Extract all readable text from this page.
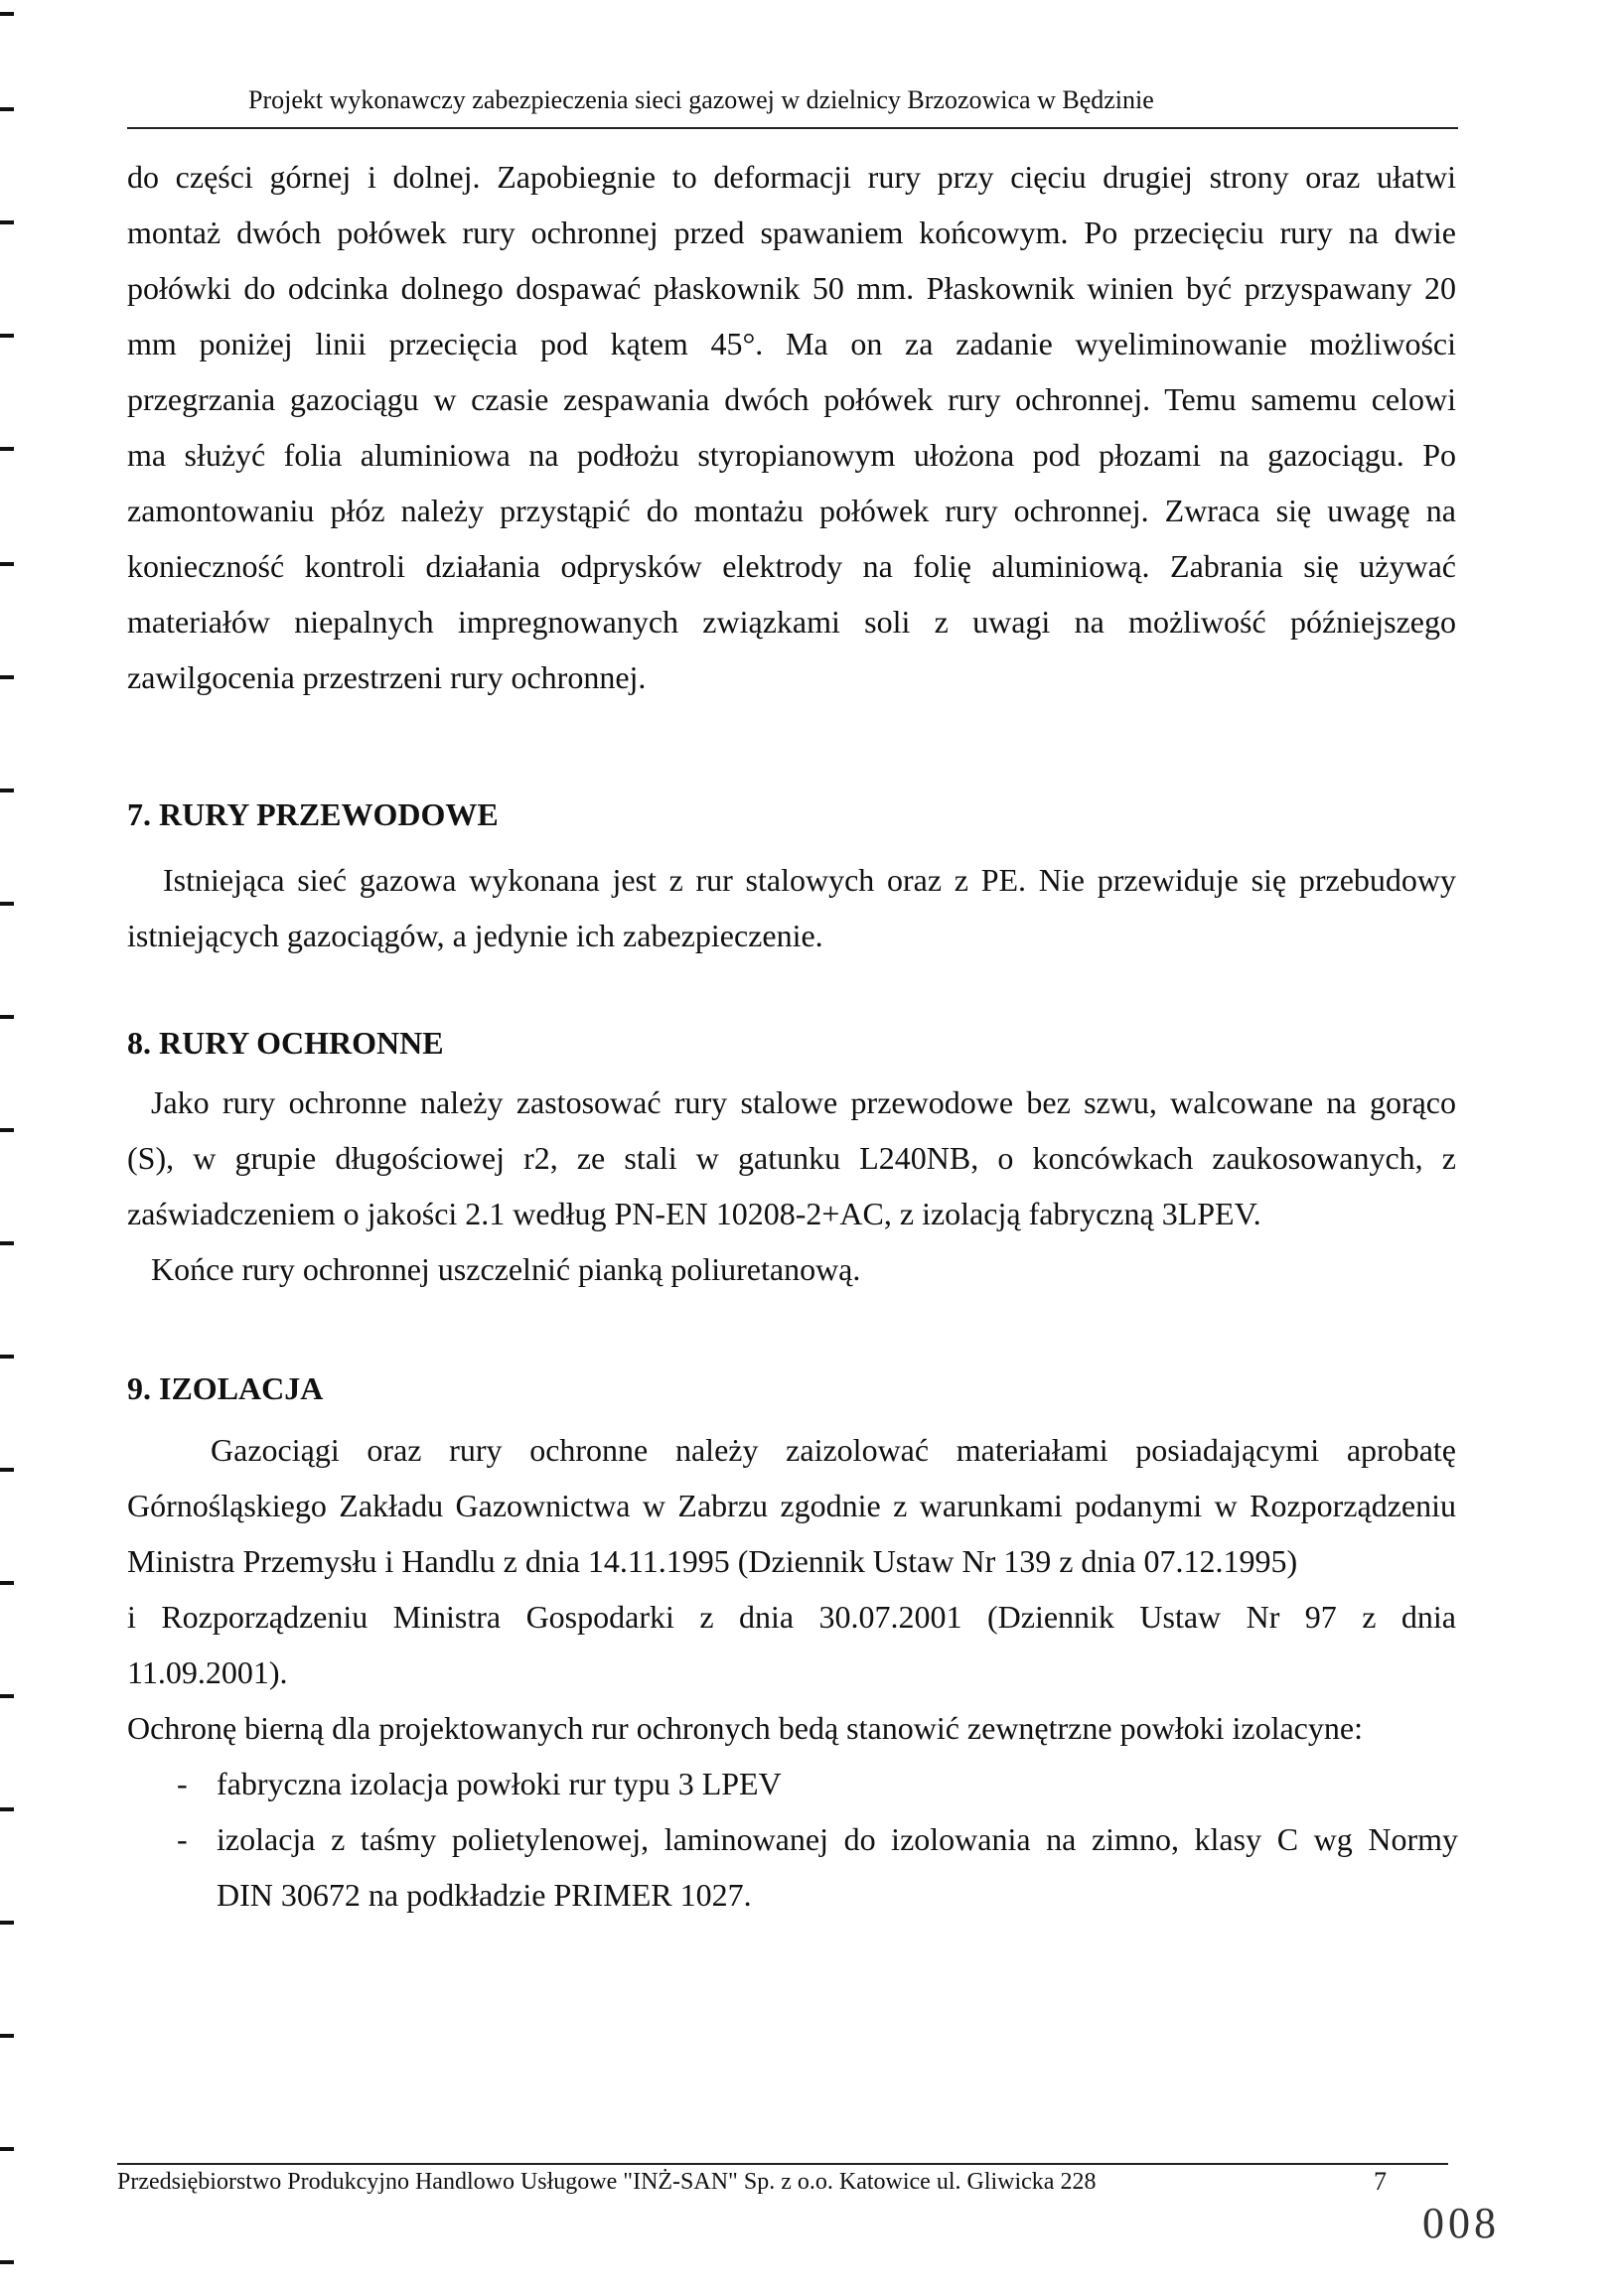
Projekt wykonawczy zabezpieczenia sieci gazowej w dzielnicy Brzozowica w Będzinie
do części górnej i dolnej. Zapobiegnie to deformacji rury przy cięciu drugiej strony oraz ułatwi
montaż dwóch połówek rury ochronnej przed spawaniem końcowym. Po przecięciu rury na dwie
połówki do odcinka dolnego dospawać płaskownik 50 mm. Płaskownik winien być przyspawany 20
mm poniżej linii przecięcia pod kątem 45°. Ma on za zadanie wyeliminowanie możliwości
przegrzania gazociągu w czasie zespawania dwóch połówek rury ochronnej. Temu samemu celowi
ma służyć folia aluminiowa na podłożu styropianowym ułożona pod płozami na gazociągu. Po
zamontowaniu płóz należy przystąpić do montażu połówek rury ochronnej. Zwraca się uwagę na
konieczność kontroli działania odprysków elektrody na folię aluminiową. Zabrania się używać
materiałów niepalnych impregnowanych związkami soli z uwagi na możliwość późniejszego
zawilgocenia przestrzeni rury ochronnej.
7. RURY PRZEWODOWE
Istniejąca sieć gazowa wykonana jest z rur stalowych oraz z PE. Nie przewiduje się przebudowy
istniejących gazociągów, a jedynie ich zabezpieczenie.
8. RURY OCHRONNE
Jako rury ochronne należy zastosować rury stalowe przewodowe bez szwu, walcowane na gorąco
(S), w grupie długościowej r2, ze stali w gatunku L240NB, o koncówkach zaukosowanych, z
zaświadczeniem o jakości 2.1 według PN-EN 10208-2+AC, z izolacją fabryczną 3LPEV.
Końce rury ochronnej uszczelnić pianką poliuretanową.
9. IZOLACJA
Gazociągi oraz rury ochronne należy zaizolować materiałami posiadającymi aprobatę
Górnośląskiego Zakładu Gazownictwa w Zabrzu zgodnie z warunkami podanymi w Rozporządzeniu
Ministra Przemysłu i Handlu z dnia 14.11.1995 (Dziennik Ustaw Nr 139 z dnia 07.12.1995)
i Rozporządzeniu Ministra Gospodarki z dnia 30.07.2001 (Dziennik Ustaw Nr 97 z dnia
11.09.2001).
Ochronę bierną dla projektowanych rur ochronych bedą stanowić zewnętrzne powłoki izolacyne:
- fabryczna izolacja powłoki rur typu 3 LPEV
- izolacja z taśmy polietylenowej, laminowanej do izolowania na zimno, klasy C wg Normy
DIN 30672 na podkładzie PRIMER 1027.
Przedsiębiorstwo Produkcyjno Handlowo Usługowe "INŻ-SAN" Sp. z o.o. Katowice ul. Gliwicka 228	7
008
